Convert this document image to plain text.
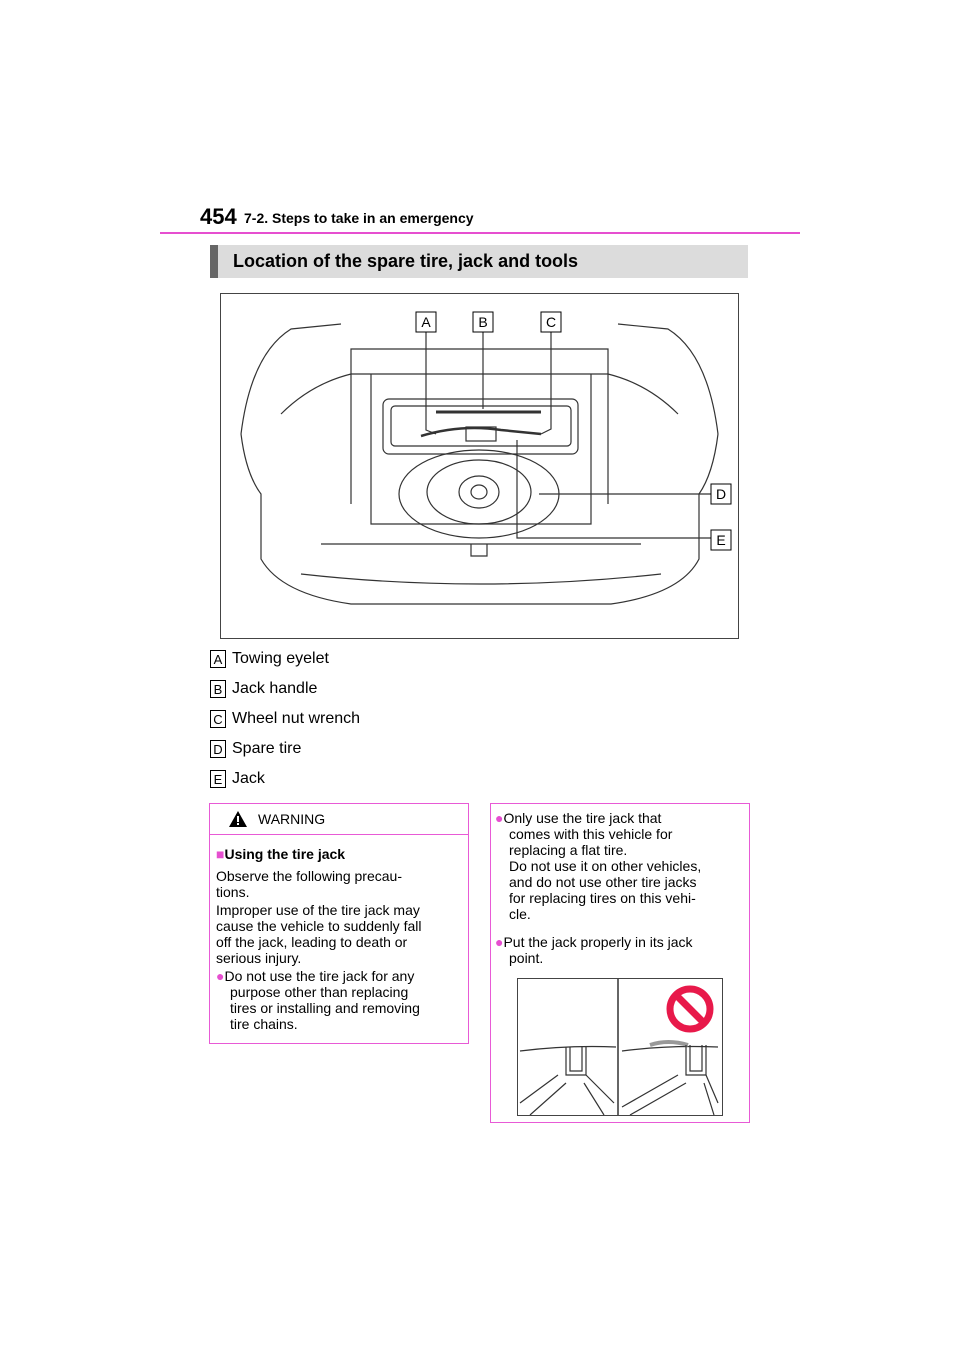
454 7-2. Steps to take in an emergency
Location of the spare tire, jack and tools
A	B	C
D
E
A Towing eyelet
B Jack handle
C Wheel nut wrench
D Spare tire
E Jack
WARNING
■Using the tire jack
Observe the following precau-
tions.
Improper use of the tire jack may
cause the vehicle to suddenly fall
off the jack, leading to death or
serious injury.
●Do not use the tire jack for any
purpose other than replacing
tires or installing and removing
tire chains.
●Only use the tire jack that
comes with this vehicle for
replacing a flat tire.
Do not use it on other vehicles,
and do not use other tire jacks
for replacing tires on this vehi-
cle.
●Put the jack properly in its jack
point.
